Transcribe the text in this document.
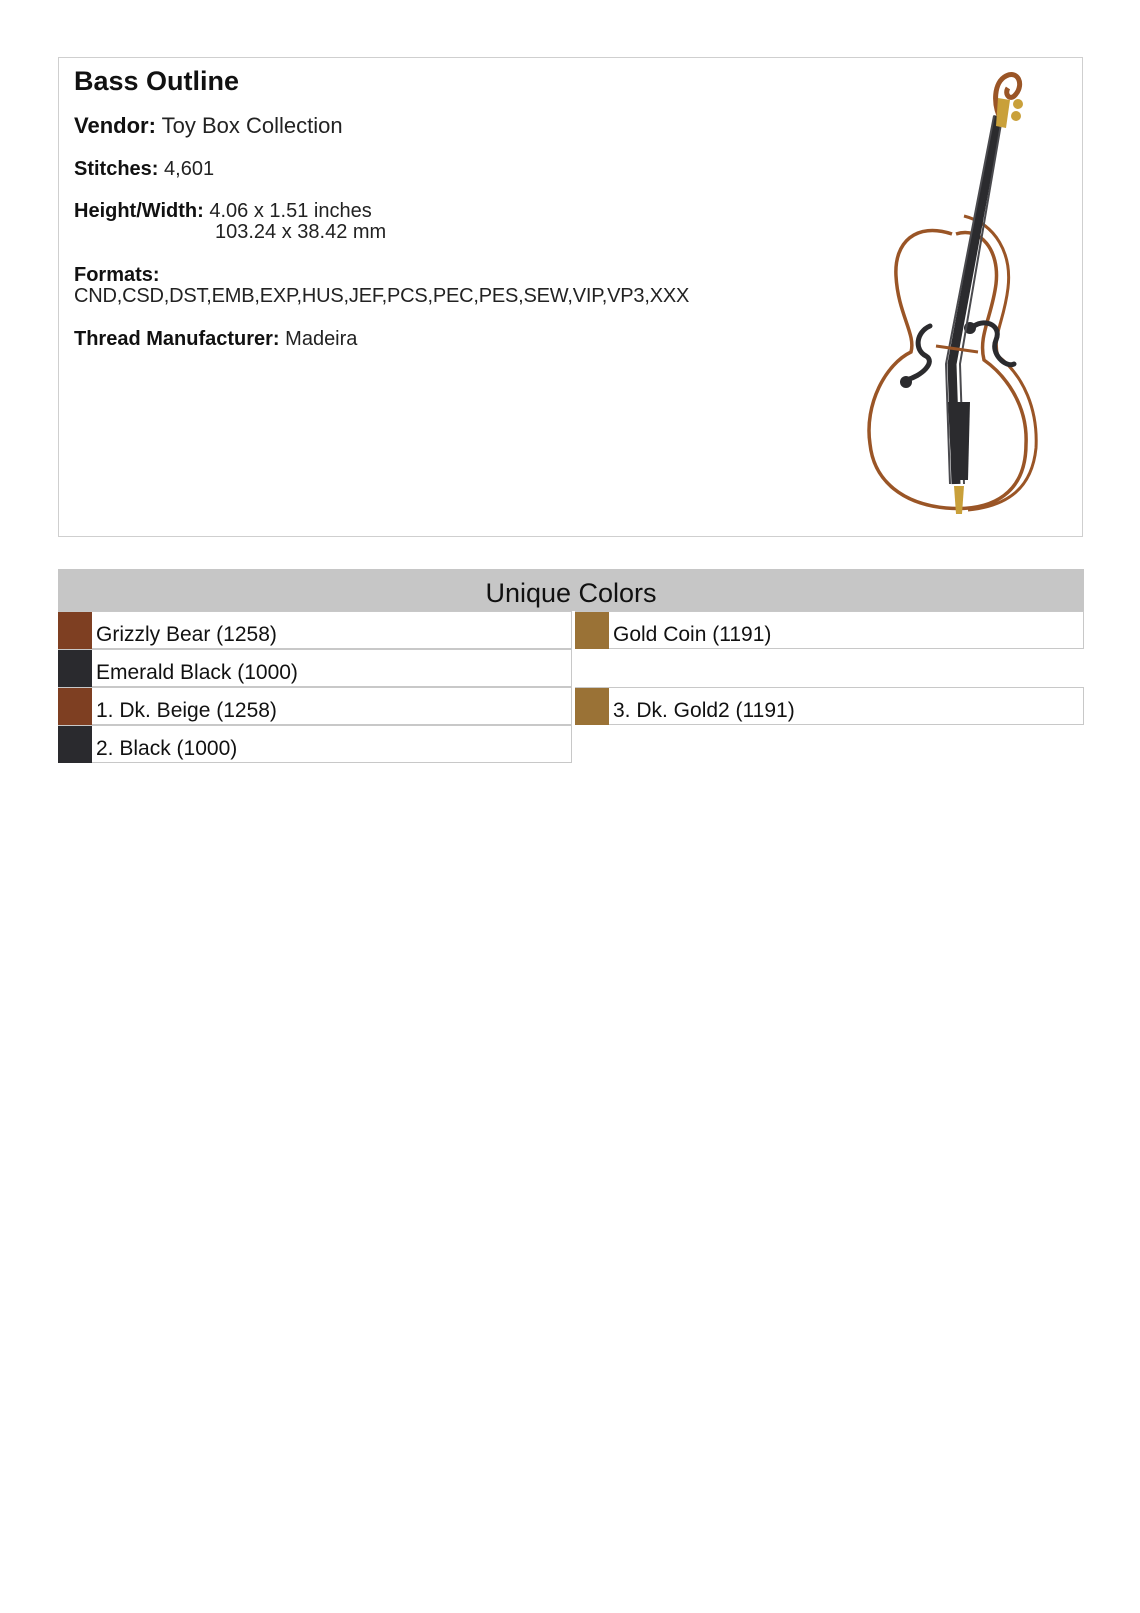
Bass Outline
Vendor: Toy Box Collection
Stitches: 4,601
Height/Width: 4.06 x 1.51 inches
103.24 x 38.42 mm
Formats:
CND,CSD,DST,EMB,EXP,HUS,JEF,PCS,PEC,PES,SEW,VIP,VP3,XXX
Thread Manufacturer: Madeira
Unique Colors
Grizzly Bear (1258)	Gold Coin (1191)
Emerald Black (1000)
1. Dk. Beige (1258)	3. Dk. Gold2 (1191)
2. Black (1000)
